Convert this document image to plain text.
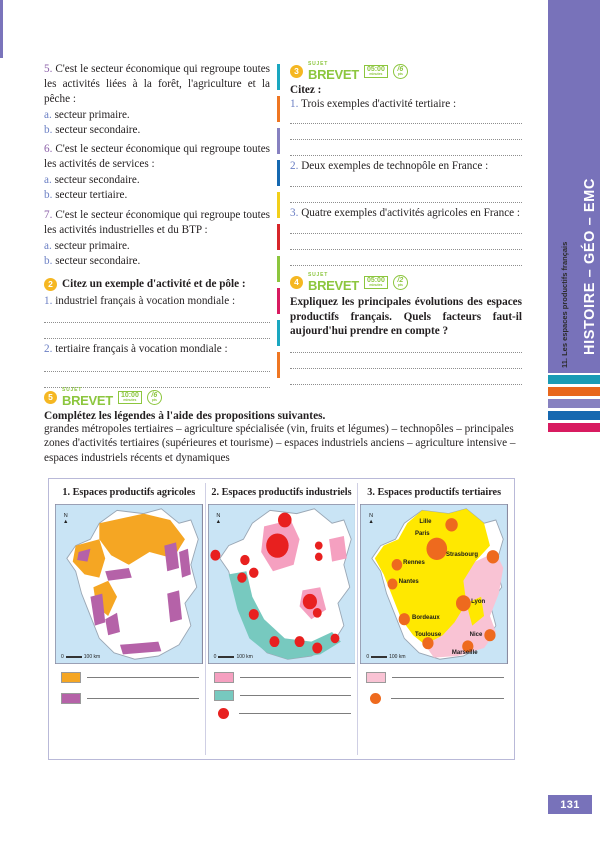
5. C'est le secteur économique qui regroupe toutes les activités liées à la forêt, l'agriculture et la pêche :
a. secteur primaire.
b. secteur secondaire.
6. C'est le secteur économique qui regroupe toutes les activités de services :
a. secteur secondaire.
b. secteur tertiaire.
7. C'est le secteur économique qui regroupe toutes les activités industrielles et du BTP :
a. secteur primaire.
b. secteur secondaire.
2 Citez un exemple d'activité et de pôle :
1. industriel français à vocation mondiale :
2. tertiaire français à vocation mondiale :
3
SUJET
BREVET 05:00
minutes
/6
pts
Citez :
1. Trois exemples d'activité tertiaire :
2. Deux exemples de technopôle en France :
3. Quatre exemples d'activités agricoles en France :
4
SUJET
BREVET 05:00
minutes
/2
pts
Expliquez les principales évolutions des espaces productifs français. Quels facteurs faut-il aujourd'hui prendre en compte ?
5
SUJET
BREVET 10:00
minutes
/6
pts
Complétez les légendes à l'aide des propositions suivantes.
grandes métropoles tertiaires – agriculture spécialisée (vin, fruits et légumes) – technopôles – principales zones d'activités tertiaires (supérieures et tourisme) – espaces industriels anciens – agriculture intensive – espaces industriels récents et dynamiques
1. Espaces productifs agricoles
N
▲
0	100 km
2. Espaces productifs industriels
N
▲
0	100 km
3. Espaces productifs tertiaires
N
▲	Lille
Paris
Strasbourg
Rennes
Nantes
Lyon
Bordeaux
Toulouse	Nice
Marseille
0	100 km
HISTOIRE – GÉO – EMC
11. Les espaces productifs français
131
